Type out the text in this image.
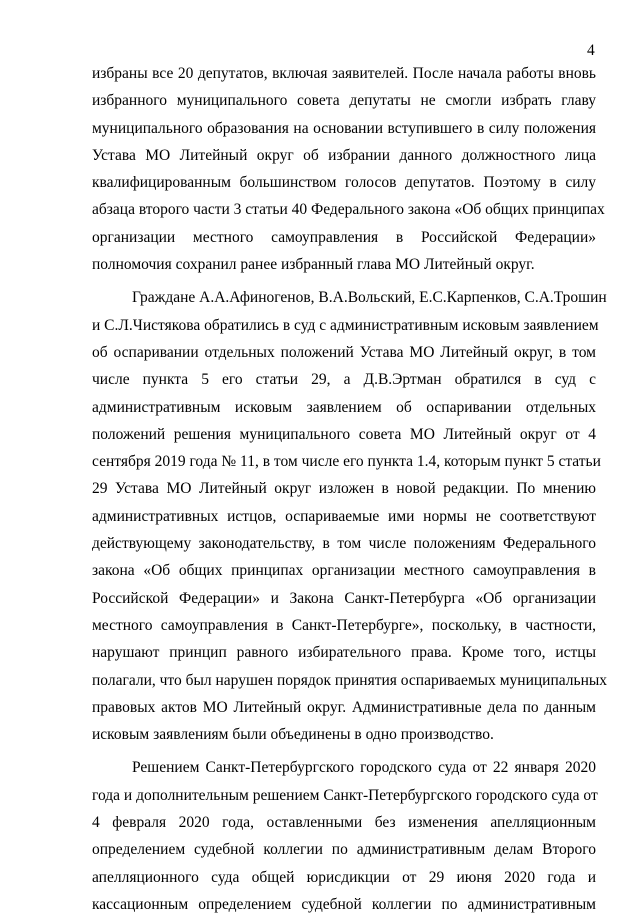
4
избраны все 20 депутатов, включая заявителей. После начала работы вновь
избранного муниципального совета депутаты не смогли избрать главу
муниципального образования на основании вступившего в силу положения
Устава МО Литейный округ об избрании данного должностного лица
квалифицированным большинством голосов депутатов. Поэтому в силу
абзаца второго части 3 статьи 40 Федерального закона «Об общих принципах
организации местного самоуправления в Российской Федерации»
полномочия сохранил ранее избранный глава МО Литейный округ.
Граждане А.А.Афиногенов, В.А.Вольский, Е.С.Карпенков, С.А.Трошин
и С.Л.Чистякова обратились в суд с административным исковым заявлением
об оспаривании отдельных положений Устава МО Литейный округ, в том
числе пункта 5 его статьи 29, а Д.В.Эртман обратился в суд с
административным исковым заявлением об оспаривании отдельных
положений решения муниципального совета МО Литейный округ от 4
сентября 2019 года № 11, в том числе его пункта 1.4, которым пункт 5 статьи
29 Устава МО Литейный округ изложен в новой редакции. По мнению
административных истцов, оспариваемые ими нормы не соответствуют
действующему законодательству, в том числе положениям Федерального
закона «Об общих принципах организации местного самоуправления в
Российской Федерации» и Закона Санкт-Петербурга «Об организации
местного самоуправления в Санкт-Петербурге», поскольку, в частности,
нарушают принцип равного избирательного права. Кроме того, истцы
полагали, что был нарушен порядок принятия оспариваемых муниципальных
правовых актов МО Литейный округ. Административные дела по данным
исковым заявлениям были объединены в одно производство.
Решением Санкт-Петербургского городского суда от 22 января 2020
года и дополнительным решением Санкт-Петербургского городского суда от
4 февраля 2020 года, оставленными без изменения апелляционным
определением судебной коллегии по административным делам Второго
апелляционного суда общей юрисдикции от 29 июня 2020 года и
кассационным определением судебной коллегии по административным
